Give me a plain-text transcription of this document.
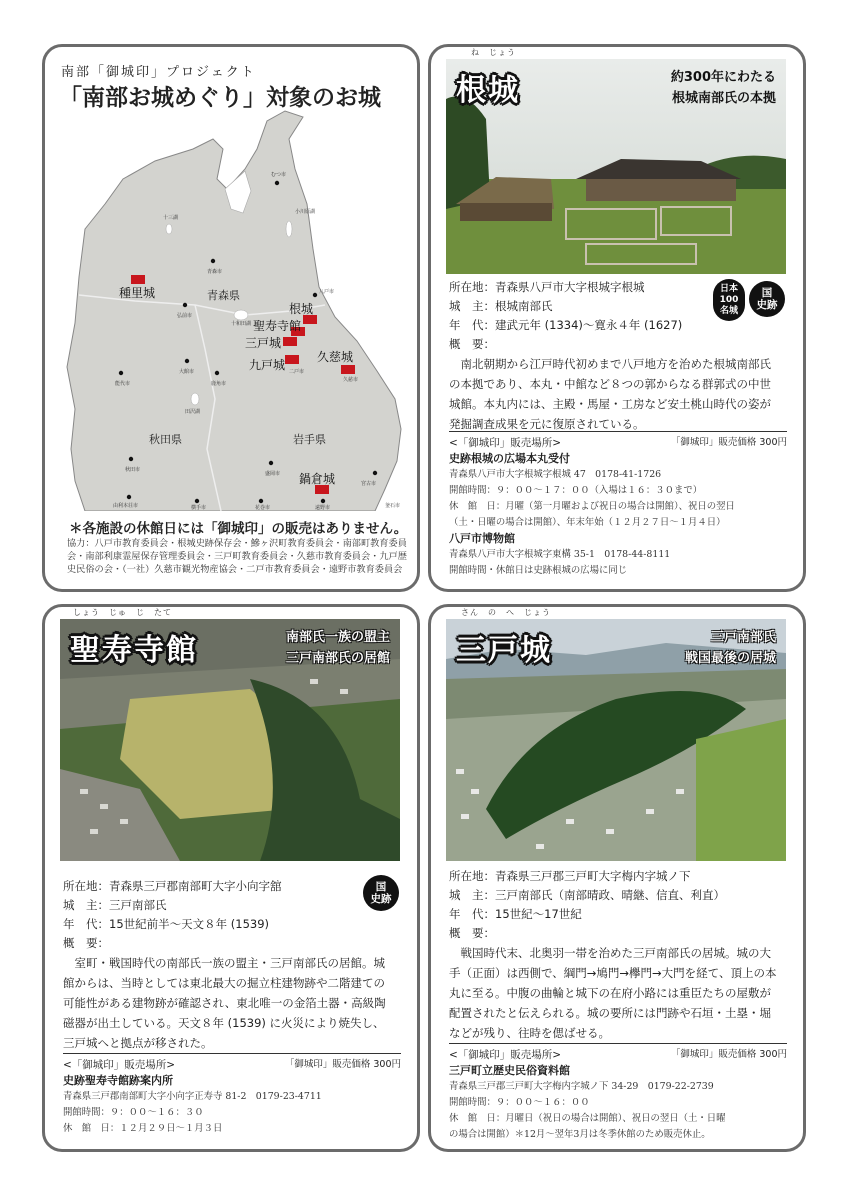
南部「御城印」プロジェクト
「南部お城めぐり」対象のお城
青森県
秋田県	岩手県
むつ市
青森市
弘前市
八戸市
二戸市
久慈市
大館市
鹿角市
能代市
秋田市
盛岡市
宮古市
遠野市
花巻市
横手市
由利本荘市	釜石市
十三湖
十和田湖
田沢湖
小川原湖
種里城
根城
聖寿寺館
三戸城
九戸城
久慈城
鍋倉城
＊各施設の休館日には「御城印」の販売はありません。
協力：八戸市教育委員会・根城史跡保存会・鰺ヶ沢町教育委員会・南部町教育委員会・南部利康霊屋保存管理委員会・三戸町教育委員会・久慈市教育委員会・九戸歴史民俗の会・（一社）久慈市観光物産協会・二戸市教育委員会・遠野市教育委員会
ね　じょう
根城	約300年にわたる
根城南部氏の本拠
日本
100
名城
国
史跡
所在地：青森県八戸市大字根城字根城
城　主：根城南部氏
年　代：建武元年 (1334)〜寛永４年 (1627)
概　要：
南北朝期から江戸時代初めまで八戸地方を治めた根城南部氏の本拠であり、本丸・中館など８つの郭からなる群郭式の中世城館。本丸内には、主殿・馬屋・工房など安土桃山時代の姿が発掘調査成果を元に復原されている。
<「御城印」販売場所>	「御城印」販売価格 300円
史跡根城の広場本丸受付
青森県八戸市大字根城字根城 47　0178-41-1726
開館時間：９：００〜１７：００（入場は１６：３０まで）
休　館　日：月曜（第一月曜および祝日の場合は開館）、祝日の翌日
（土・日曜の場合は開館）、年末年始（１２月２７日〜１月４日）
八戸市博物館
青森県八戸市大字根城字東構 35-1　0178-44-8111
開館時間・休館日は史跡根城の広場に同じ
しょう　じゅ　じ　たて
聖寿寺館	南部氏一族の盟主
三戸南部氏の居館
国
史跡
所在地：青森県三戸郡南部町大字小向字舘
城　主：三戸南部氏
年　代：15世紀前半〜天文８年 (1539)
概　要：
室町・戦国時代の南部氏一族の盟主・三戸南部氏の居館。城館からは、当時としては東北最大の掘立柱建物跡や二階建ての可能性がある建物跡が確認され、東北唯一の金箔土器・高級陶磁器が出土している。天文８年 (1539) に火災により焼失し、三戸城へと拠点が移された。
<「御城印」販売場所>	「御城印」販売価格 300円
史跡聖寿寺館跡案内所
青森県三戸郡南部町大字小向字正寿寺 81-2　0179-23-4711
開館時間：９：００〜１６：３０
休　館　日：１２月２９日〜１月３日
さん　の　へ　じょう
三戸城	三戸南部氏
戦国最後の居城
所在地：青森県三戸郡三戸町大字梅内字城ノ下
城　主：三戸南部氏（南部晴政、晴継、信直、利直）
年　代：15世紀〜17世紀
概　要：
戦国時代末、北奥羽一帯を治めた三戸南部氏の居城。城の大手（正面）は西側で、綱門→鳩門→欅門→大門を経て、頂上の本丸に至る。中腹の曲輪と城下の在府小路には重臣たちの屋敷が配置されたと伝えられる。城の要所には門跡や石垣・土塁・堀などが残り、往時を偲ばせる。
<「御城印」販売場所>	「御城印」販売価格 300円
三戸町立歴史民俗資料館
青森県三戸郡三戸町大字梅内字城ノ下 34-29　0179-22-2739
開館時間：９：００〜１６：００
休　館　日：月曜日（祝日の場合は開館）、祝日の翌日（土・日曜
の場合は開館）＊12月〜翌年3月は冬季休館のため販売休止。
